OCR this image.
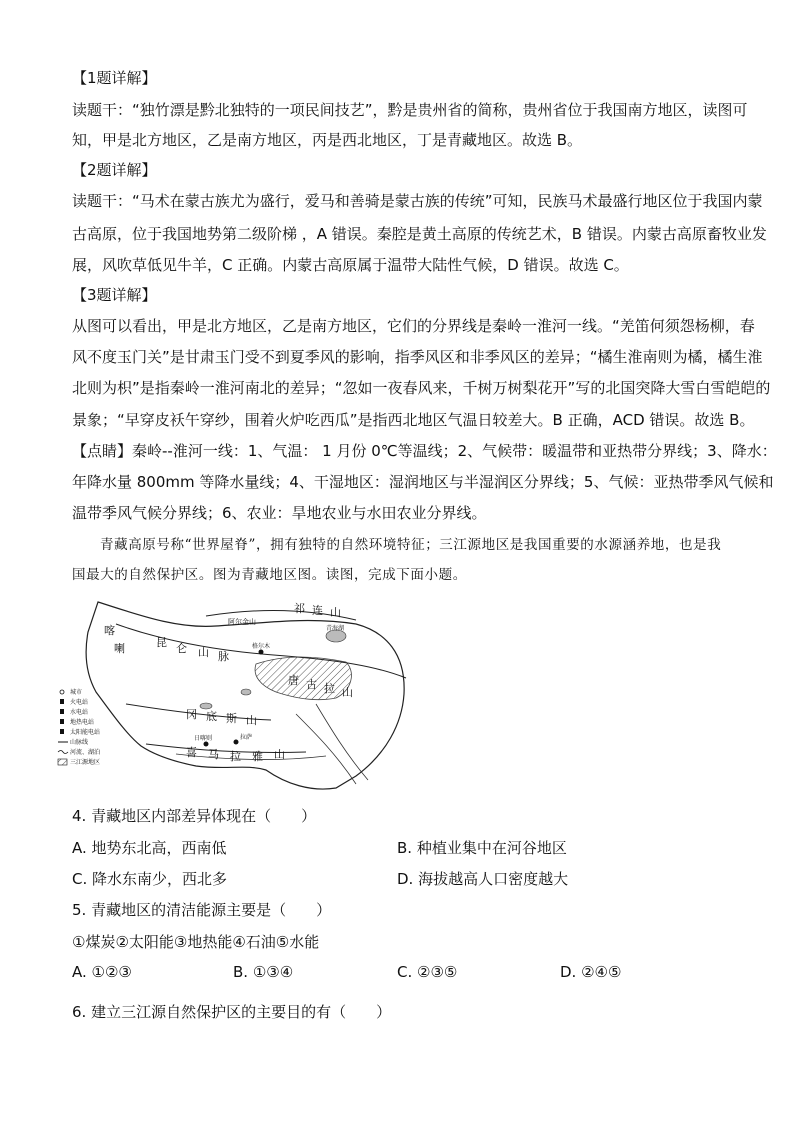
【1题详解】
读题干：“独竹漂是黔北独特的一项民间技艺”，黔是贵州省的简称，贵州省位于我国南方地区，读图可
知，甲是北方地区，乙是南方地区，丙是西北地区，丁是青藏地区。故选 B。
【2题详解】
读题干：“马术在蒙古族尤为盛行，爱马和善骑是蒙古族的传统”可知，民族马术最盛行地区位于我国内蒙
古高原，位于我国地势第二级阶梯 ，A 错误。秦腔是黄土高原的传统艺术，B 错误。内蒙古高原畜牧业发
展，风吹草低见牛羊，C 正确。内蒙古高原属于温带大陆性气候，D 错误。故选 C。
【3题详解】
从图可以看出，甲是北方地区，乙是南方地区，它们的分界线是秦岭一淮河一线。“羌笛何须怨杨柳，春
风不度玉门关”是甘肃玉门受不到夏季风的影响，指季风区和非季风区的差异；“橘生淮南则为橘，橘生淮
北则为枳”是指秦岭一淮河南北的差异；“忽如一夜春风来，千树万树梨花开”写的北国突降大雪白雪皑皑的
景象；“早穿皮袄午穿纱，围着火炉吃西瓜”是指西北地区气温日较差大。B 正确，ACD 错误。故选 B。
【点睛】秦岭--淮河一线：1、气温： 1 月份 0℃等温线；2、气候带：暖温带和亚热带分界线；3、降水：
年降水量 800mm 等降水量线；4、干湿地区：湿润地区与半湿润区分界线；5、气候：亚热带季风气候和
温带季风气候分界线；6、农业：旱地农业与水田农业分界线。
青藏高原号称“世界屋脊”，拥有独特的自然环境特征；三江源地区是我国重要的水源涵养地，也是我国最大的自然保护区。图为青藏地区图。读图，完成下面小题。
喀
喇	昆 仑 山 脉
阿尔金山
祁 连 山
唐 古 拉 山
冈 底 斯 山
喜 马 拉 雅 山
格尔木
青海湖
拉萨
日喀则
城市
火电站
水电站
地热电站
太阳能电站
山脉线
河流、湖泊
三江源地区
4. 青藏地区内部差异体现在（　　）
A. 地势东北高，西南低	B. 种植业集中在河谷地区
C. 降水东南少，西北多	D. 海拔越高人口密度越大
5. 青藏地区的清洁能源主要是（　　）
①煤炭②太阳能③地热能④石油⑤水能
A. ①②③	B. ①③④	C. ②③⑤	D. ②④⑤
6. 建立三江源自然保护区的主要目的有（　　）
